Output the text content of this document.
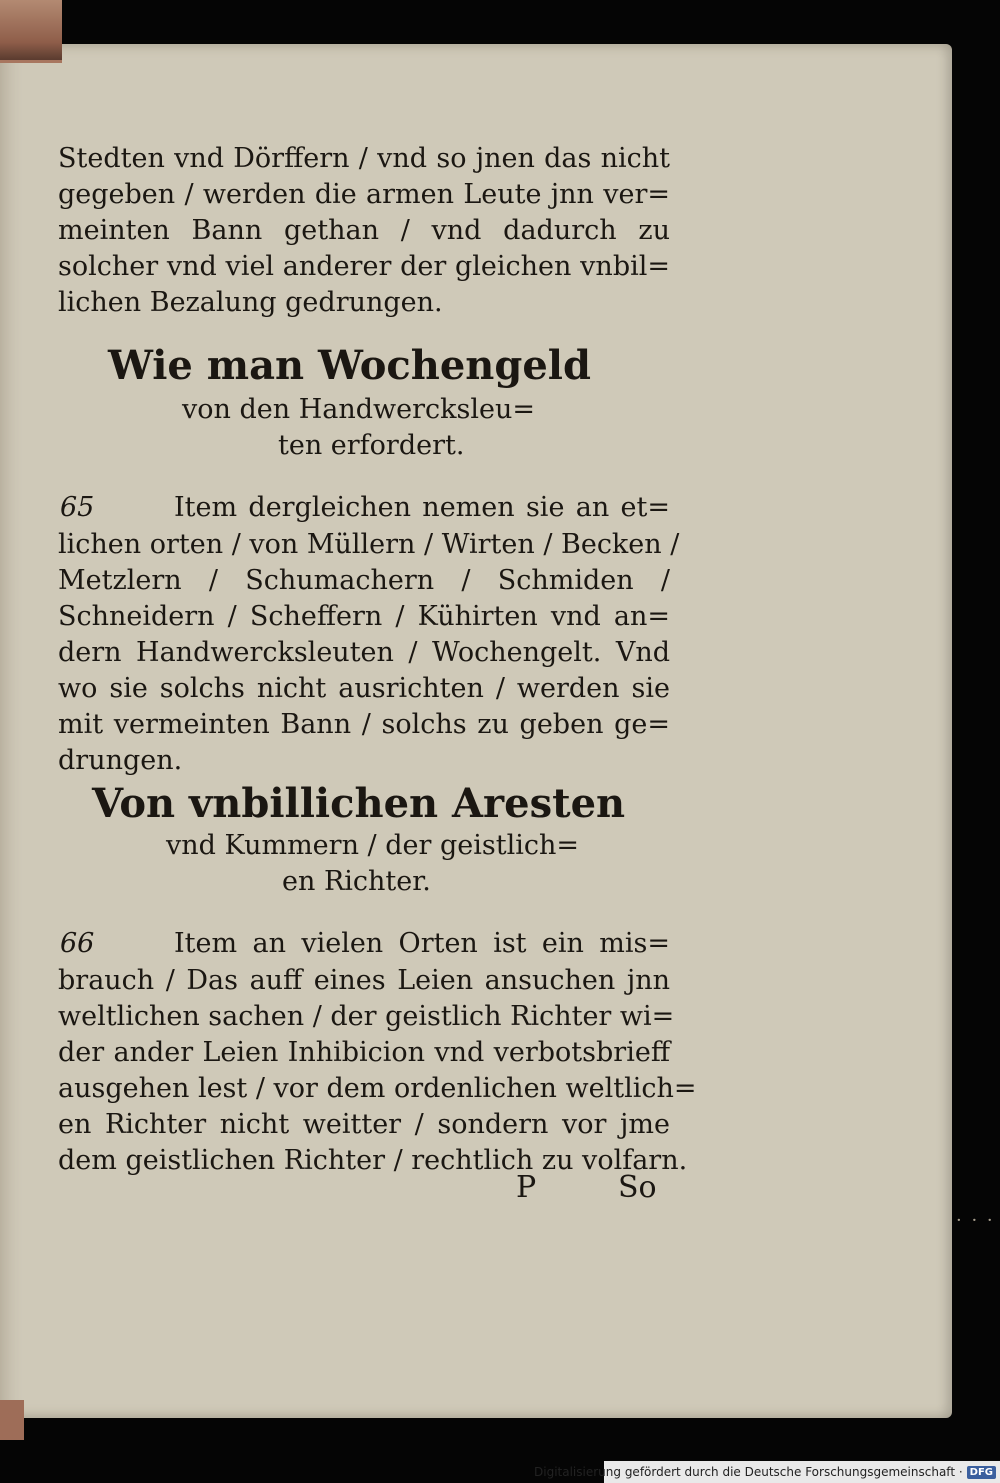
Stedten vnd Dörffern / vnd so jnen das nicht
gegeben / werden die armen Leute jnn ver=
meinten Bann gethan / vnd dadurch zu
solcher vnd viel anderer der gleichen vnbil=
lichen Bezalung gedrungen.
Wie man Wochengeld
von den Handwercksleu=
ten erfordert.
65	Item dergleichen nemen sie an et=
lichen orten / von Müllern / Wirten / Becken /
Metzlern / Schumachern / Schmiden /
Schneidern / Scheffern / Kühirten vnd an=
dern Handwercksleuten / Wochengelt. Vnd
wo sie solchs nicht ausrichten / werden sie
mit vermeinten Bann / solchs zu geben ge=
drungen.
Von vnbillichen Aresten
vnd Kummern / der geistlich=
en Richter.
66	Item an vielen Orten ist ein mis=
brauch / Das auff eines Leien ansuchen jnn
weltlichen sachen / der geistlich Richter wi=
der ander Leien Inhibicion vnd verbotsbrieff
ausgehen lest / vor dem ordenlichen weltlich=
en Richter nicht weitter / sondern vor jme
dem geistlichen Richter / rechtlich zu volfarn.
P	So
· · ·
Digitalisierung gefördert durch die Deutsche Forschungsgemeinschaft · DFG
